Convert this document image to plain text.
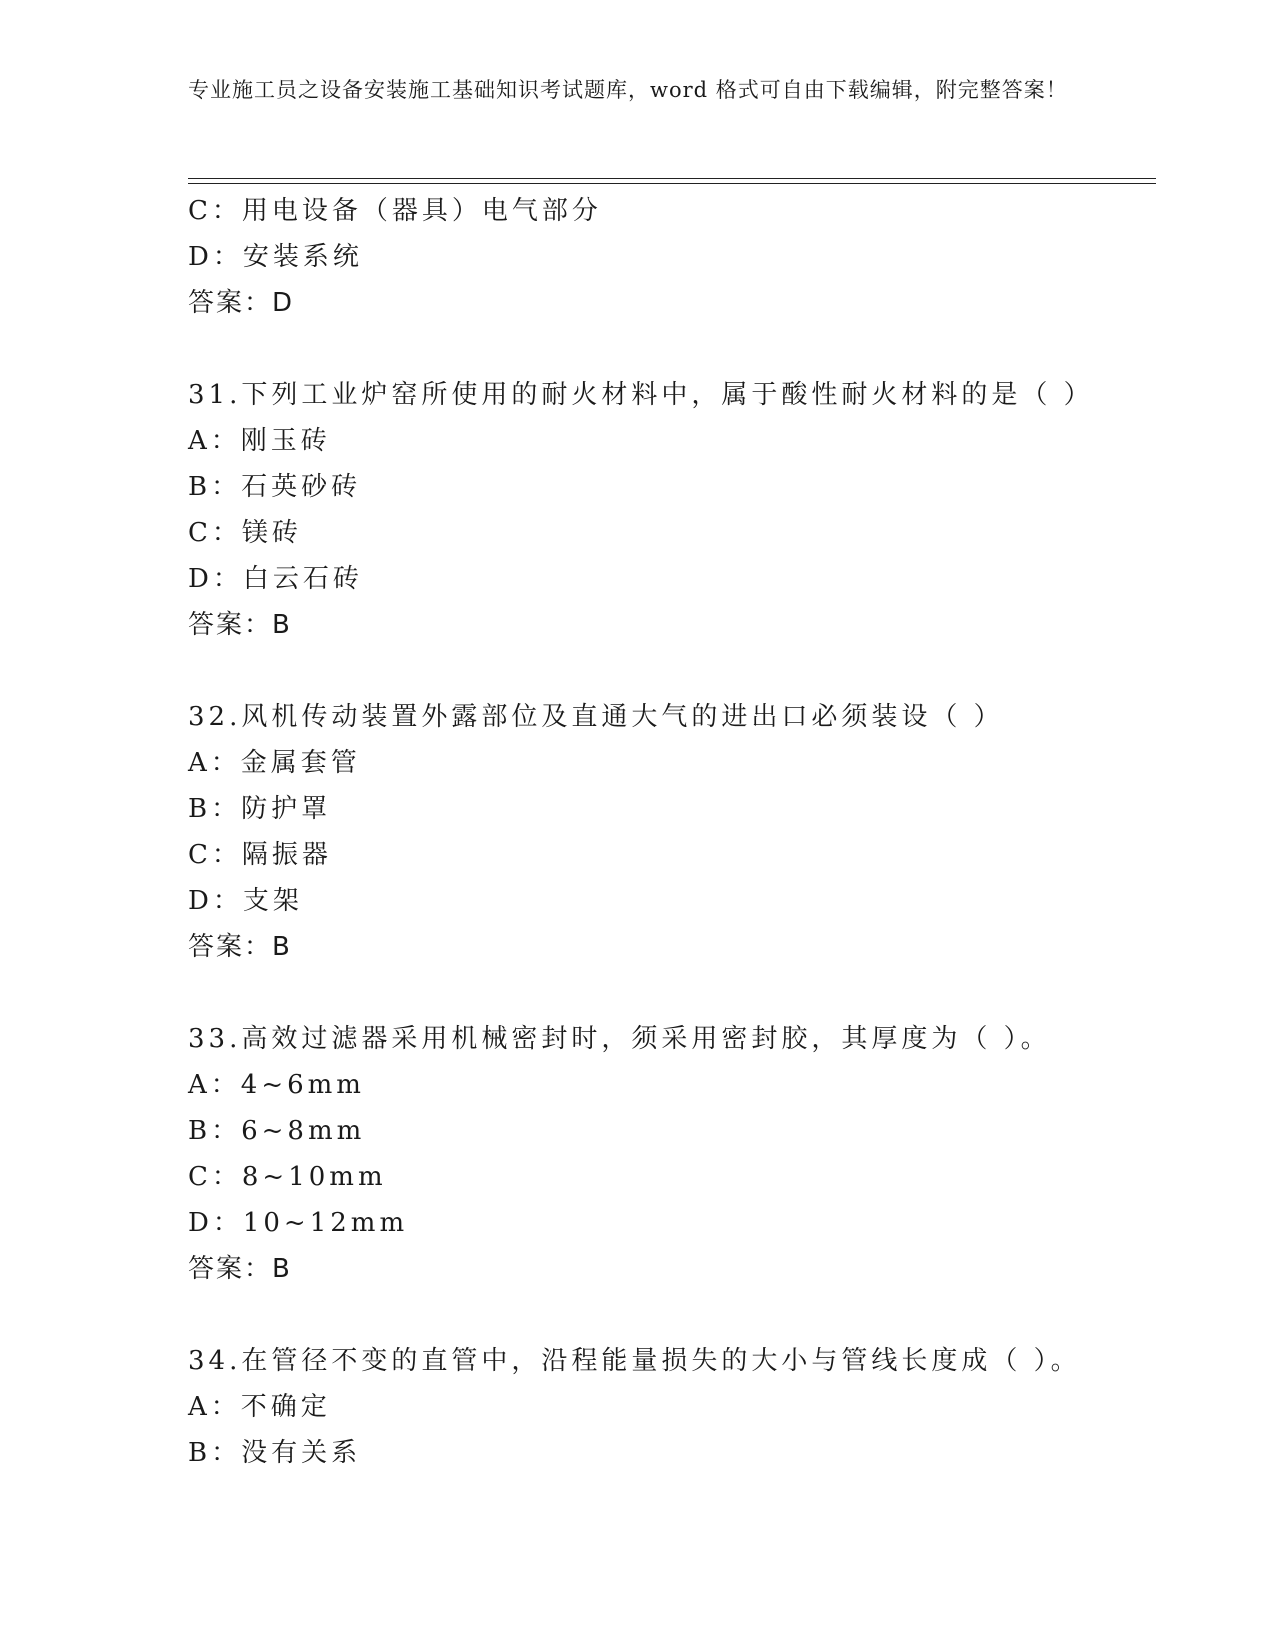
专业施工员之设备安装施工基础知识考试题库，word 格式可自由下载编辑，附完整答案！
C：用电设备（器具）电气部分
D：安装系统
答案：D
31.下列工业炉窑所使用的耐火材料中，属于酸性耐火材料的是（ ）
A：刚玉砖
B：石英砂砖
C：镁砖
D：白云石砖
答案：B
32.风机传动装置外露部位及直通大气的进出口必须装设（ ）
A：金属套管
B：防护罩
C：隔振器
D：支架
答案：B
33.高效过滤器采用机械密封时，须采用密封胶，其厚度为（ ）。
A：4~6mm
B：6~8mm
C：8~10mm
D：10~12mm
答案：B
34.在管径不变的直管中，沿程能量损失的大小与管线长度成（ ）。
A：不确定
B：没有关系
